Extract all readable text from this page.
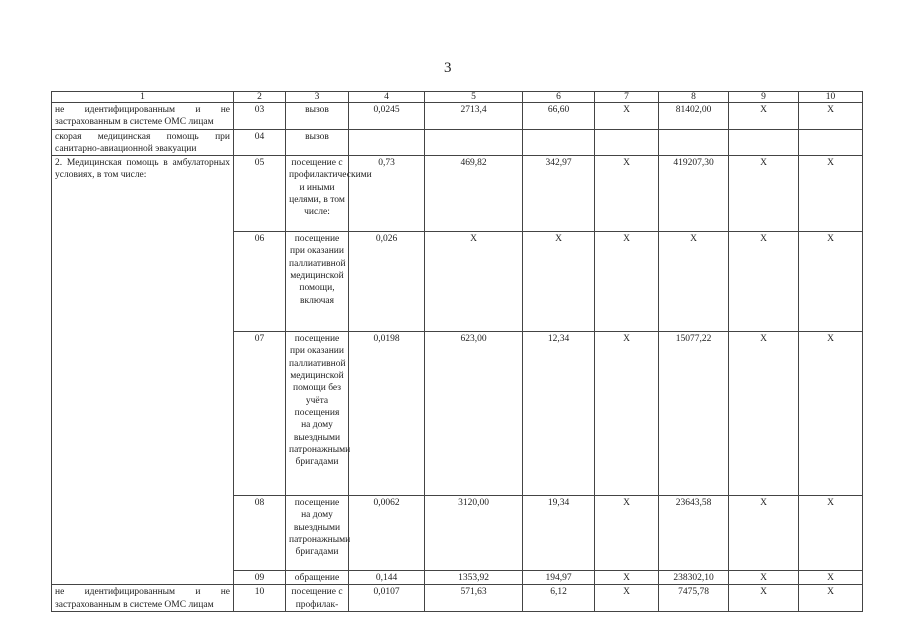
3
1	2	3	4	5	6	7	8	9	10
не идентифицированным и не застрахованным в системе ОМС лицам	03	вызов	0,0245	2713,4	66,60	Х	81402,00	Х	Х
скорая медицинская помощь при санитарно-авиационной эвакуации	04	вызов							
2. Медицинская помощь в амбулаторных условиях, в том числе:	05	посещение с профилактическими и иными целями, в том числе:	0,73	469,82	342,97	Х	419207,30	Х	Х
	06	посещение при оказании паллиативной медицинской помощи, включая	0,026	Х	Х	Х	Х	Х	Х
	07	посещение при оказании паллиативной медицинской помощи без учёта посещения на дому выездными патронажными бригадами	0,0198	623,00	12,34	Х	15077,22	Х	Х
	08	посещение на дому выездными патронажными бригадами	0,0062	3120,00	19,34	Х	23643,58	Х	Х
	09	обращение	0,144	1353,92	194,97	Х	238302,10	Х	Х
не идентифицированным и не застрахованным в системе ОМС лицам	10	посещение с профилак-	0,0107	571,63	6,12	Х	7475,78	Х	Х
